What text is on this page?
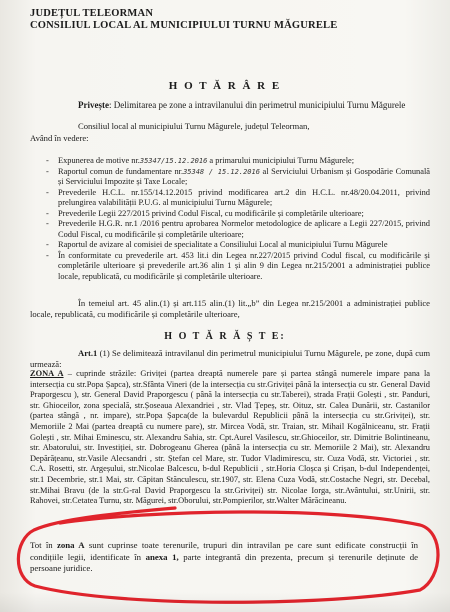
JUDEȚUL TELEORMAN
CONSILIUL LOCAL AL MUNICIPIULUI TURNU MĂGURELE
H O T Ă R Â R E
Privește: Delimitarea pe zone a intravilanului din perimetrul municipiului Turnu Măgurele
Consiliul local al municipiului Turnu Măgurele, județul Teleorman,
Având în vedere:
- Expunerea de motive nr.35347/15.12.2016 a primarului municipiului Turnu Măgurele;
- Raportul comun de fundamentare nr.35348 / 15.12.2016 al Serviciului Urbanism și Gospodărie Comunală și Serviciului Impozite și Taxe Locale;
- Prevederile H.C.L. nr.155/14.12.2015 privind modificarea art.2 din H.C.L. nr.48/20.04.2011, privind prelungirea valabilității P.U.G. al municipiului Turnu Măgurele;
- Prevederile Legii 227/2015 privind Codul Fiscal, cu modificările și completările ulterioare;
- Prevederile H.G.R. nr.1 /2016 pentru aprobarea Normelor metodologice de aplicare a Legii 227/2015, privind Codul Fiscal, cu modificările și completările ulterioare;
- Raportul de avizare al comisiei de specialitate a Consiliului Local al municipiului Turnu Măgurele
- În conformitate cu prevederile art. 453 lit.i din Legea nr.227/2015 privind Codul fiscal, cu modificările și completările ulterioare și prevederile art.36 alin 1 și alin 9 din Legea nr.215/2001 a administrației publice locale, republicată, cu modificările și completările ulterioare.
În temeiul art. 45 alin.(1) și art.115 alin.(1) lit.„b” din Legea nr.215/2001 a administrației publice locale, republicată, cu modificările și completările ulterioare,
H O T Ă R Ă Ș T E:
Art.1 (1) Se delimitează intravilanul din perimetrul municipiului Turnu Măgurele, pe zone, după cum urmează:
ZONA A – cuprinde străzile: Griviței (partea dreaptă numerele pare și partea stângă numerele impare pana la intersecția cu str.Popa Șapca), str.Sfânta Vineri (de la intersecția cu str.Griviței până la intersecția cu str. General David Praporgescu ), str. General David Praporgescu ( până la intersecția cu str.Taberei), strada Frații Golești , str. Panduri, str. Ghioceilor, zona specială, str.Șoseaua Alexandriei , str. Vlad Țepeș, str. Oituz, str. Calea Dunării, str. Castanilor (partea stângă , nr. impare), str.Popa Șapca(de la bulevardul Republicii până la intersecția cu str.Griviței), str. Memoriile 2 Mai (partea dreaptă cu numere pare), str. Mircea Vodă, str. Traian, str. Mihail Kogălniceanu, str. Frații Golești , str. Mihai Eminescu, str. Alexandru Sahia, str. Cpt.Aurel Vasilescu, str.Ghioceilor, str. Dimitrie Bolintineanu, str. Abatorului, str. Investiției, str. Dobrogeanu Gherea (până la intersecția cu str. Memoriile 2 Mai), str. Alexandru Depărățeanu, str.Vasile Alecsandri , str. Ștefan cel Mare, str. Tudor Vladimirescu, str. Cuza Vodă, str. Victoriei , str. C.A. Rosetti, str. Argeșului, str.Nicolae Balcescu, b-dul Republicii , str.Horia Cloșca și Crișan, b-dul Independenței, str.1 Decembrie, str.1 Mai, str. Căpitan Stănculescu, str.1907, str. Elena Cuza Vodă, str.Costache Negri, str. Decebal, str.Mihai Bravu (de la str.G-ral David Praporgescu la str.Griviței) str. Nicolae Iorga, str.Avântului, str.Unirii, str. Rahovei, str.Cetatea Turnu, str. Măgurei, str.Oborului, str.Pompierilor, str.Walter Mărăcineanu.
Tot în zona A sunt cuprinse toate terenurile, trupuri din intravilan pe care sunt edificate construcții în condițiile legii, identificate în anexa 1, parte integrantă din prezenta, precum și terenurile deținute de persoane juridice.
